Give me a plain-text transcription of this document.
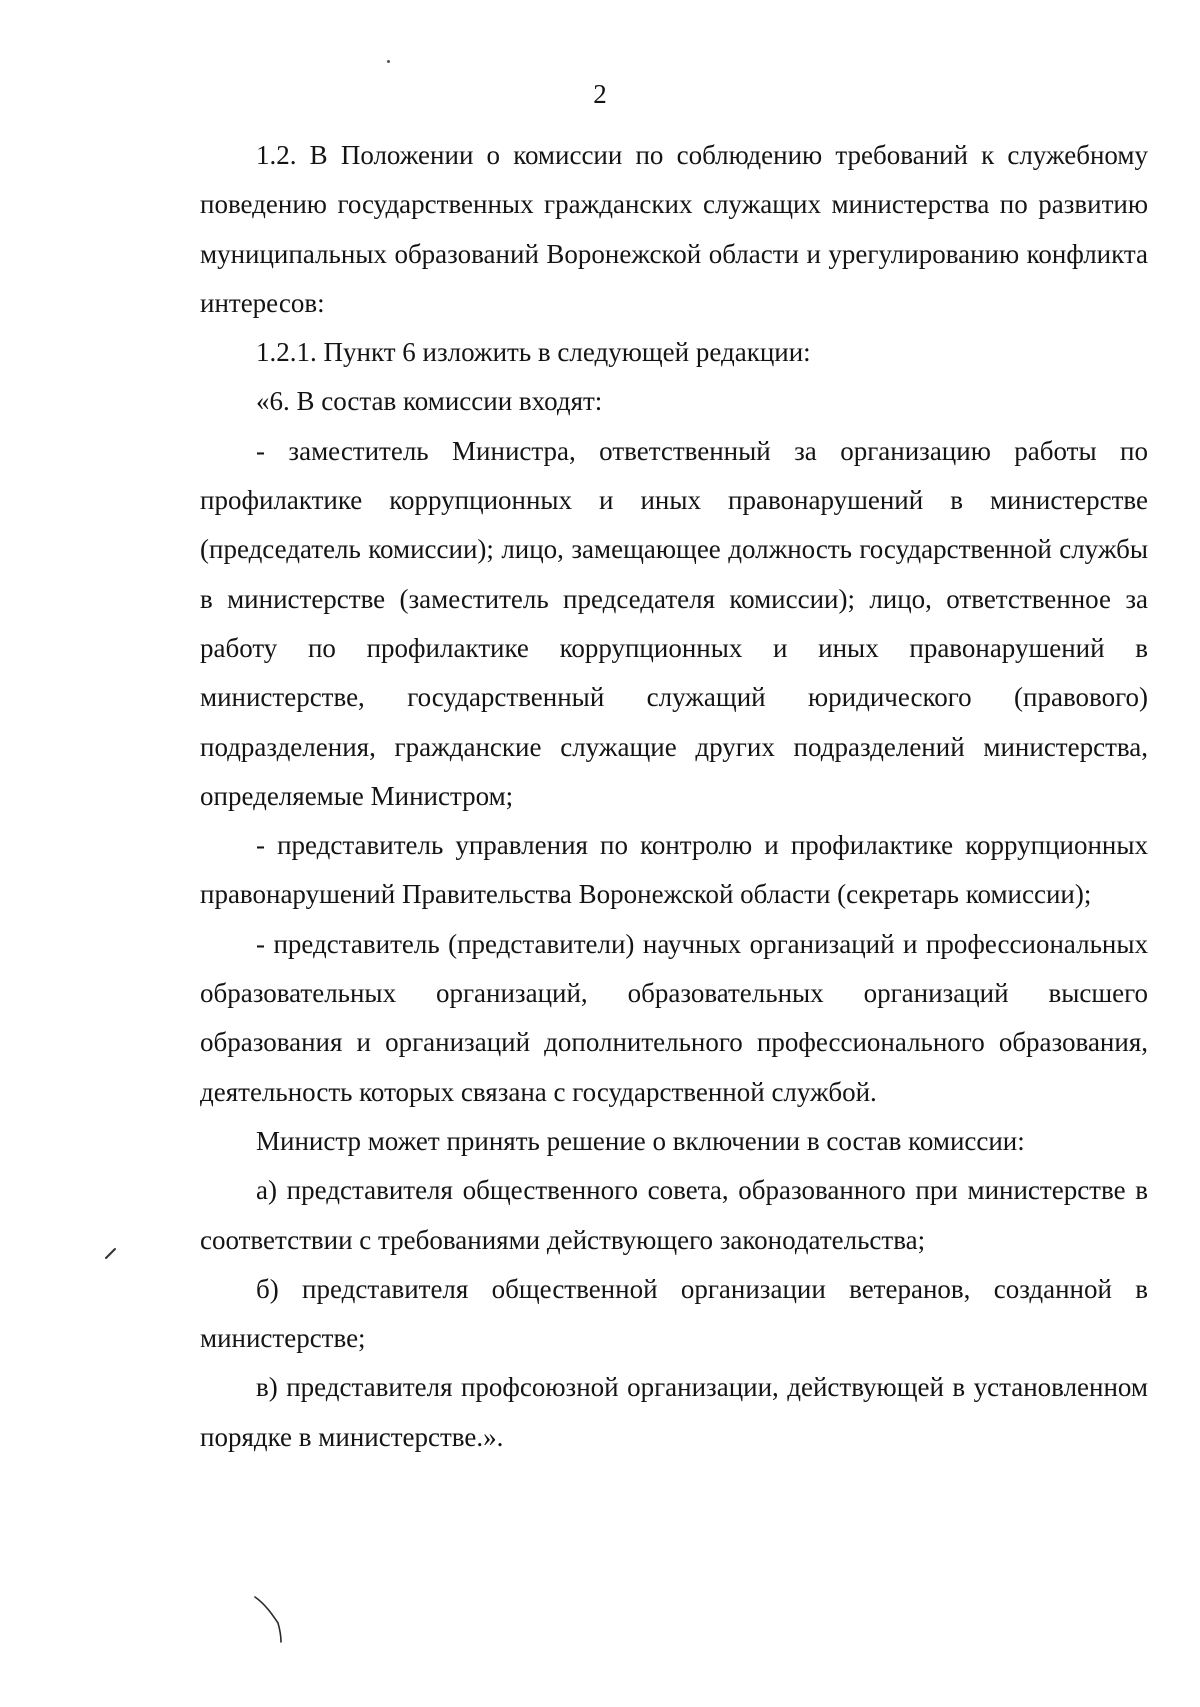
2

1.2. В Положении о комиссии по соблюдению требований к служебному поведению государственных гражданских служащих министерства по развитию муниципальных образований Воронежской области и урегулированию конфликта интересов:

1.2.1. Пункт 6 изложить в следующей редакции:

«6. В состав комиссии входят:

- заместитель Министра, ответственный за организацию работы по профилактике коррупционных и иных правонарушений в министерстве (председатель комиссии); лицо, замещающее должность государственной службы в министерстве (заместитель председателя комиссии); лицо, ответственное за работу по профилактике коррупционных и иных правонарушений в министерстве, государственный служащий юридического (правового) подразделения, гражданские служащие других подразделений министерства, определяемые Министром;

- представитель управления по контролю и профилактике коррупционных правонарушений Правительства Воронежской области (секретарь комиссии);

- представитель (представители) научных организаций и профессиональных образовательных организаций, образовательных организаций высшего образования и организаций дополнительного профессионального образования, деятельность которых связана с государственной службой.

Министр может принять решение о включении в состав комиссии:

а) представителя общественного совета, образованного при министерстве в соответствии с требованиями действующего законодательства;

б) представителя общественной организации ветеранов, созданной в министерстве;

в) представителя профсоюзной организации, действующей в установленном порядке в министерстве.».
